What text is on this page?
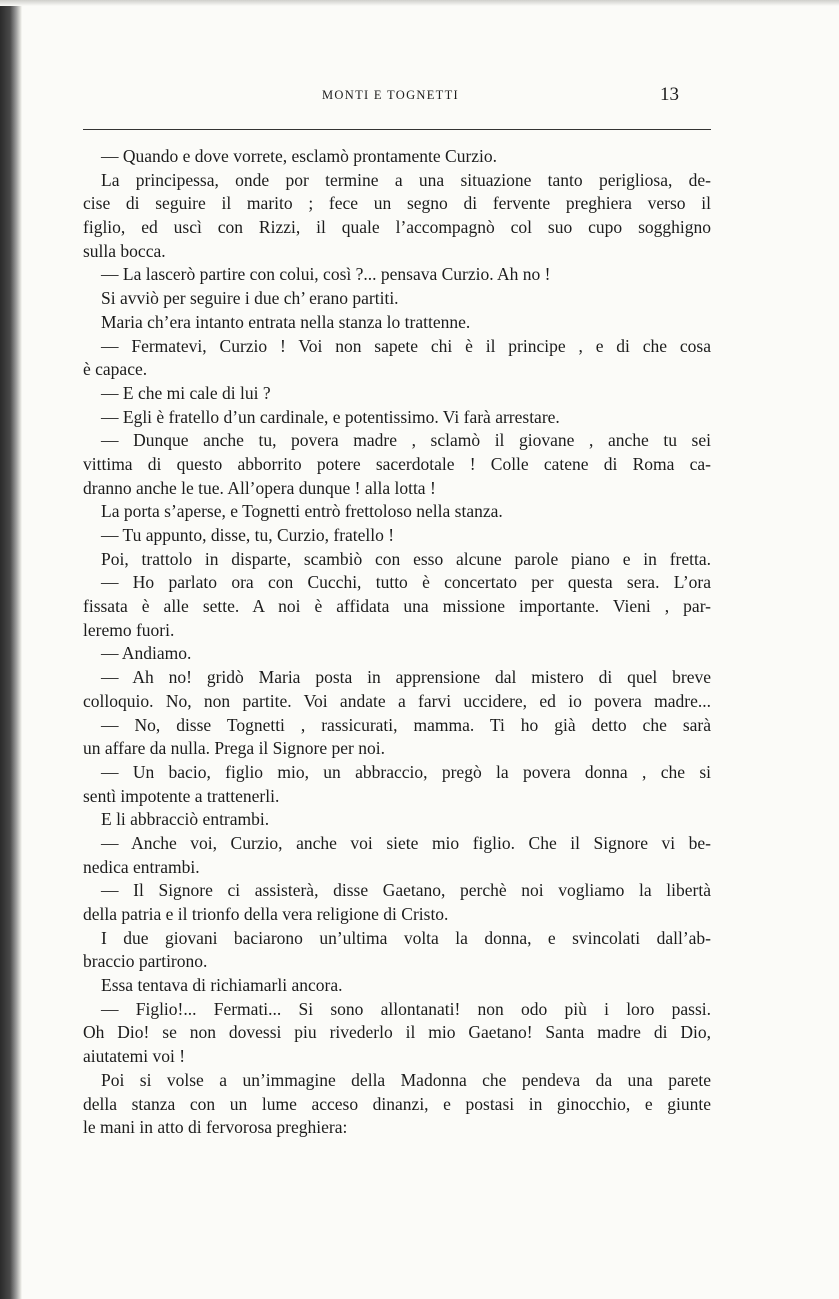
MONTI E TOGNETTI	13
— Quando e dove vorrete, esclamò prontamente Curzio.
La principessa, onde por termine a una situazione tanto perigliosa, de-
cise di seguire il marito ; fece un segno di fervente preghiera verso il
figlio, ed uscì con Rizzi, il quale l’accompagnò col suo cupo sogghigno
sulla bocca.
— La lascerò partire con colui, così ?... pensava Curzio. Ah no !
Si avviò per seguire i due ch’ erano partiti.
Maria ch’era intanto entrata nella stanza lo trattenne.
— Fermatevi, Curzio ! Voi non sapete chi è il principe , e di che cosa
è capace.
— E che mi cale di lui ?
— Egli è fratello d’un cardinale, e potentissimo. Vi farà arrestare.
— Dunque anche tu, povera madre , sclamò il giovane , anche tu sei
vittima di questo abborrito potere sacerdotale ! Colle catene di Roma ca-
dranno anche le tue. All’opera dunque ! alla lotta !
La porta s’aperse, e Tognetti entrò frettoloso nella stanza.
— Tu appunto, disse, tu, Curzio, fratello !
Poi, trattolo in disparte, scambiò con esso alcune parole piano e in fretta.
— Ho parlato ora con Cucchi, tutto è concertato per questa sera. L’ora
fissata è alle sette. A noi è affidata una missione importante. Vieni , par-
leremo fuori.
— Andiamo.
— Ah no! gridò Maria posta in apprensione dal mistero di quel breve
colloquio. No, non partite. Voi andate a farvi uccidere, ed io povera madre...
— No, disse Tognetti , rassicurati, mamma. Ti ho già detto che sarà
un affare da nulla. Prega il Signore per noi.
— Un bacio, figlio mio, un abbraccio, pregò la povera donna , che si
sentì impotente a trattenerli.
E li abbracciò entrambi.
— Anche voi, Curzio, anche voi siete mio figlio. Che il Signore vi be-
nedica entrambi.
— Il Signore ci assisterà, disse Gaetano, perchè noi vogliamo la libertà
della patria e il trionfo della vera religione di Cristo.
I due giovani baciarono un’ultima volta la donna, e svincolati dall’ab-
braccio partirono.
Essa tentava di richiamarli ancora.
— Figlio!... Fermati... Si sono allontanati! non odo più i loro passi.
Oh Dio! se non dovessi piu rivederlo il mio Gaetano! Santa madre di Dio,
aiutatemi voi !
Poi si volse a un’immagine della Madonna che pendeva da una parete
della stanza con un lume acceso dinanzi, e postasi in ginocchio, e giunte
le mani in atto di fervorosa preghiera:
